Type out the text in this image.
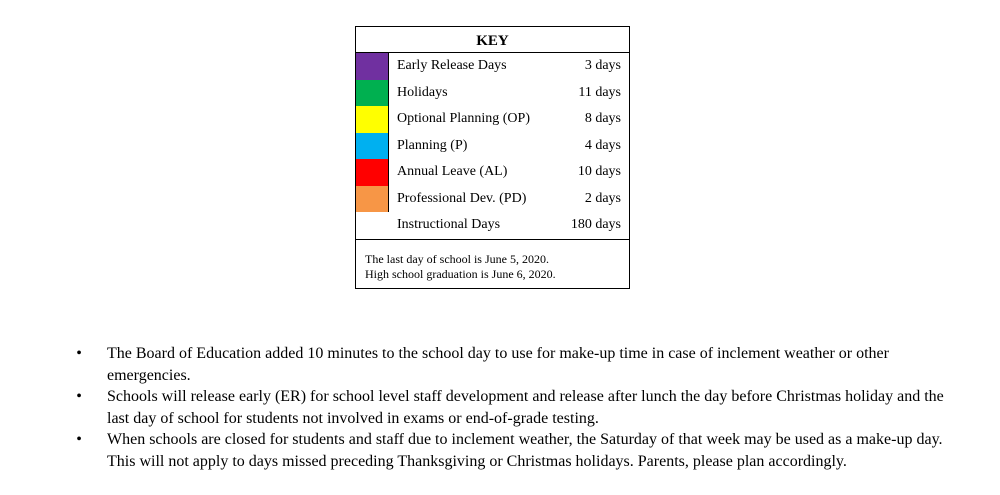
KEY
Early Release Days	3 days
Holidays	11 days
Optional Planning (OP)	8 days
Planning (P)	4 days
Annual Leave (AL)	10 days
Professional Dev. (PD)	2 days
Instructional Days	180 days
The last day of school is June 5, 2020.
High school graduation is June 6, 2020.
• The Board of Education added 10 minutes to the school day to use for make-up time in case of inclement weather or other emergencies.
• Schools will release early (ER) for school level staff development and release after lunch the day before Christmas holiday and the last day of school for students not involved in exams or end-of-grade testing.
• When schools are closed for students and staff due to inclement weather, the Saturday of that week may be used as a make-up day. This will not apply to days missed preceding Thanksgiving or Christmas holidays. Parents, please plan accordingly.
